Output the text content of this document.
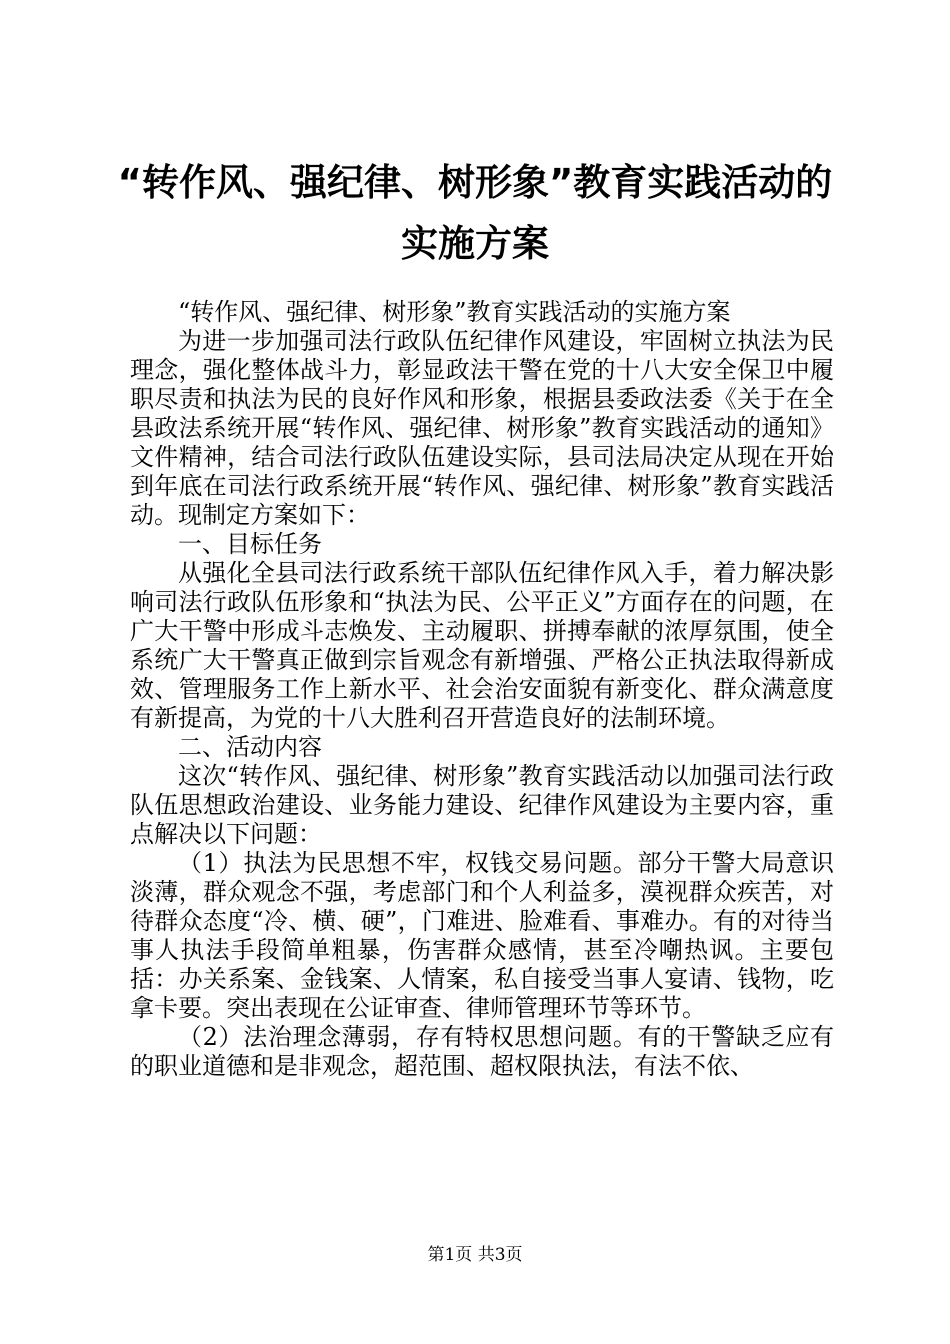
“转作风、强纪律、树形象”教育实践活动的
实施方案

“转作风、强纪律、树形象”教育实践活动的实施方案

为进一步加强司法行政队伍纪律作风建设，牢固树立执法为民理念，强化整体战斗力，彰显政法干警在党的十八大安全保卫中履职尽责和执法为民的良好作风和形象，根据县委政法委《关于在全县政法系统开展“转作风、强纪律、树形象”教育实践活动的通知》文件精神，结合司法行政队伍建设实际，县司法局决定从现在开始到年底在司法行政系统开展“转作风、强纪律、树形象”教育实践活动。现制定方案如下：

一、目标任务

从强化全县司法行政系统干部队伍纪律作风入手，着力解决影响司法行政队伍形象和“执法为民、公平正义”方面存在的问题，在广大干警中形成斗志焕发、主动履职、拼搏奉献的浓厚氛围，使全系统广大干警真正做到宗旨观念有新增强、严格公正执法取得新成效、管理服务工作上新水平、社会治安面貌有新变化、群众满意度有新提高，为党的十八大胜利召开营造良好的法制环境。

二、活动内容

这次“转作风、强纪律、树形象”教育实践活动以加强司法行政队伍思想政治建设、业务能力建设、纪律作风建设为主要内容，重点解决以下问题：

（1）执法为民思想不牢，权钱交易问题。部分干警大局意识淡薄，群众观念不强，考虑部门和个人利益多，漠视群众疾苦，对待群众态度“冷、横、硬”，门难进、脸难看、事难办。有的对待当事人执法手段简单粗暴，伤害群众感情，甚至冷嘲热讽。主要包括：办关系案、金钱案、人情案，私自接受当事人宴请、钱物，吃拿卡要。突出表现在公证审查、律师管理环节等环节。

（2）法治理念薄弱，存有特权思想问题。有的干警缺乏应有的职业道德和是非观念，超范围、超权限执法，有法不依、

第1页 共3页
